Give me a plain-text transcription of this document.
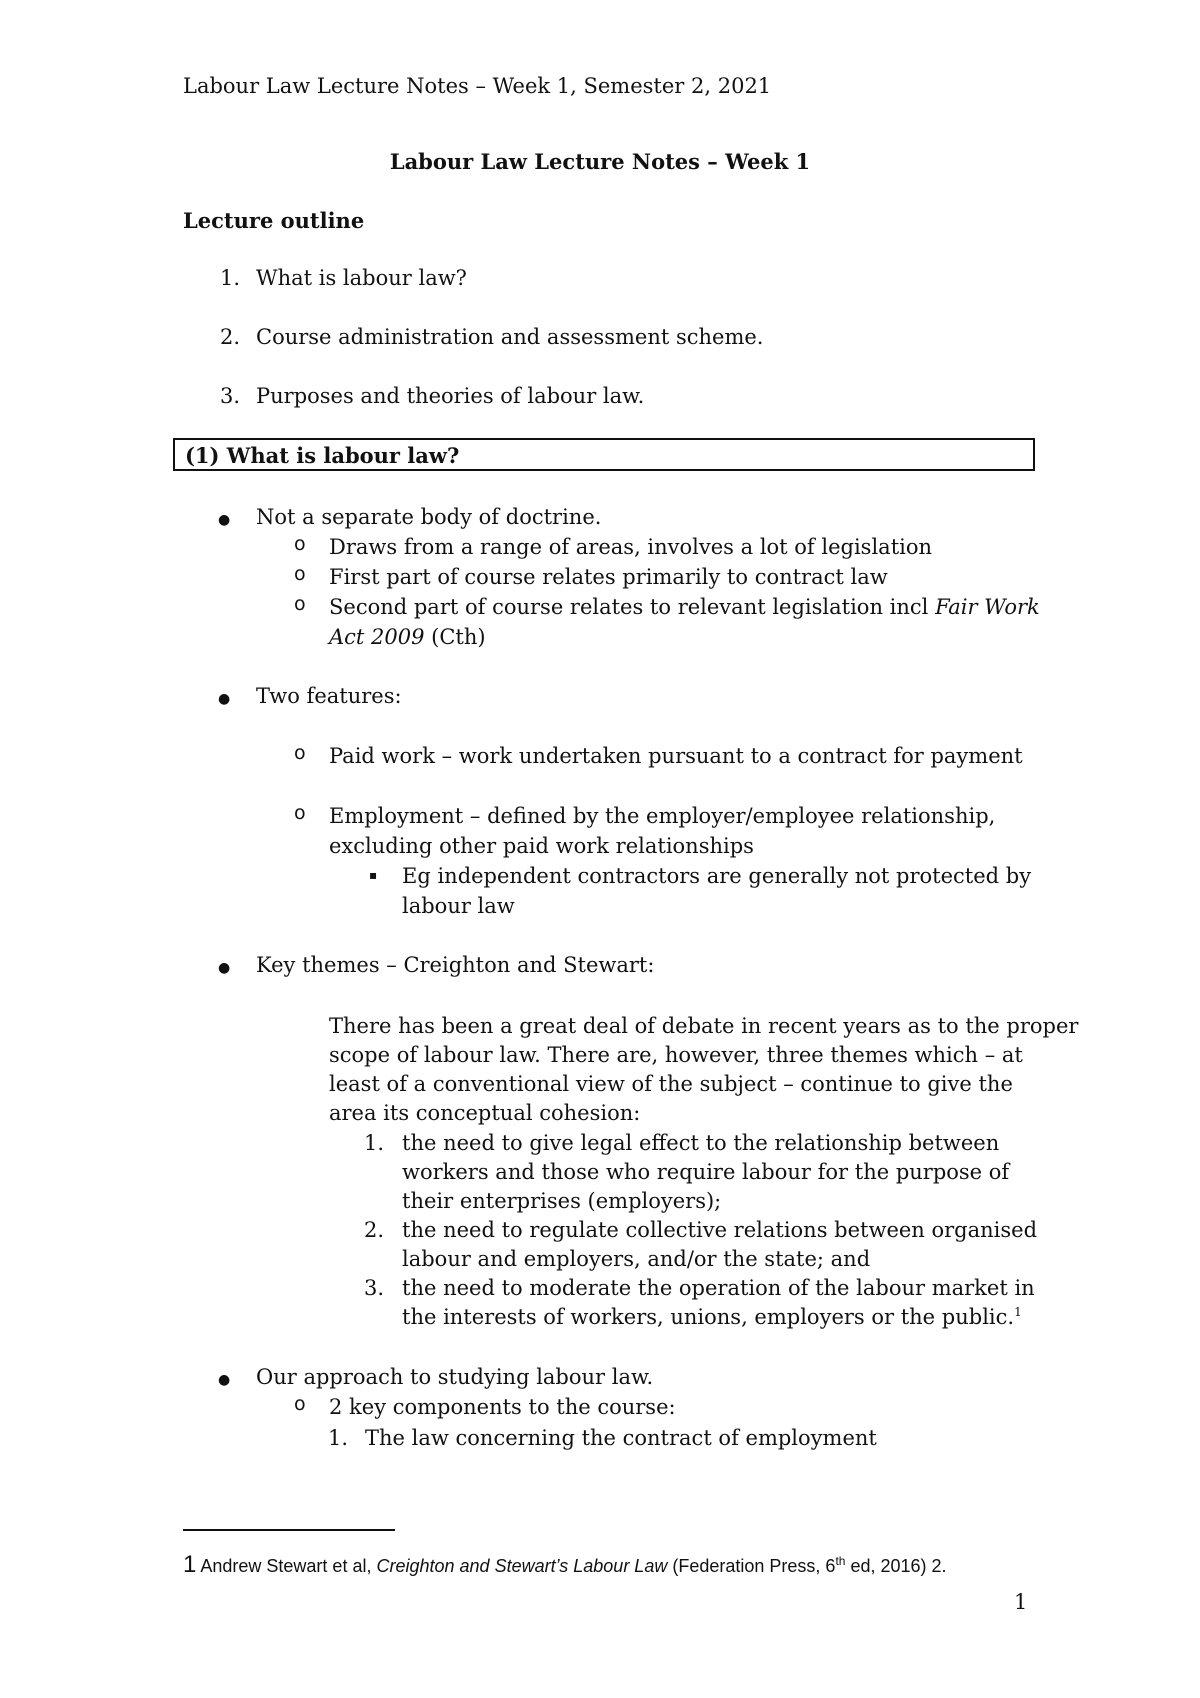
Labour Law Lecture Notes – Week 1, Semester 2, 2021
Labour Law Lecture Notes – Week 1
Lecture outline
1. What is labour law?
2. Course administration and assessment scheme.
3. Purposes and theories of labour law.
(1) What is labour law?
● Not a separate body of doctrine.
o Draws from a range of areas, involves a lot of legislation
o First part of course relates primarily to contract law
o Second part of course relates to relevant legislation incl Fair Work
Act 2009 (Cth)
● Two features:
o Paid work – work undertaken pursuant to a contract for payment
o Employment – defined by the employer/employee relationship,
excluding other paid work relationships
▪ Eg independent contractors are generally not protected by
labour law
● Key themes – Creighton and Stewart:
There has been a great deal of debate in recent years as to the proper
scope of labour law. There are, however, three themes which – at
least of a conventional view of the subject – continue to give the
area its conceptual cohesion:
1. the need to give legal effect to the relationship between
workers and those who require labour for the purpose of
their enterprises (employers);
2. the need to regulate collective relations between organised
labour and employers, and/or the state; and
3. the need to moderate the operation of the labour market in
the interests of workers, unions, employers or the public.$^1$
● Our approach to studying labour law.
o 2 key components to the course:
1. The law concerning the contract of employment
1 Andrew Stewart et al, Creighton and Stewart’s Labour Law (Federation Press, 6th ed, 2016) 2.
1
